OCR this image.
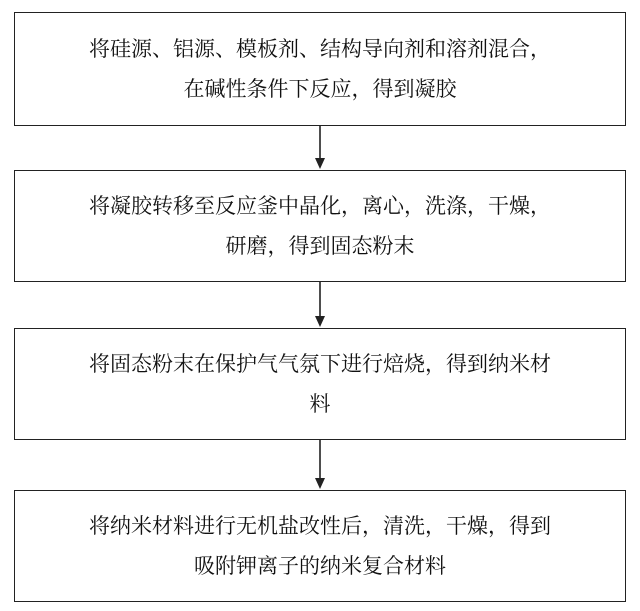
将硅源、铝源、模板剂、结构导向剂和溶剂混合，
在碱性条件下反应，得到凝胶
将凝胶转移至反应釜中晶化，离心，洗涤，干燥，
研磨，得到固态粉末
将固态粉末在保护气气氛下进行焙烧，得到纳米材
料
将纳米材料进行无机盐改性后，清洗，干燥，得到
吸附钾离子的纳米复合材料
